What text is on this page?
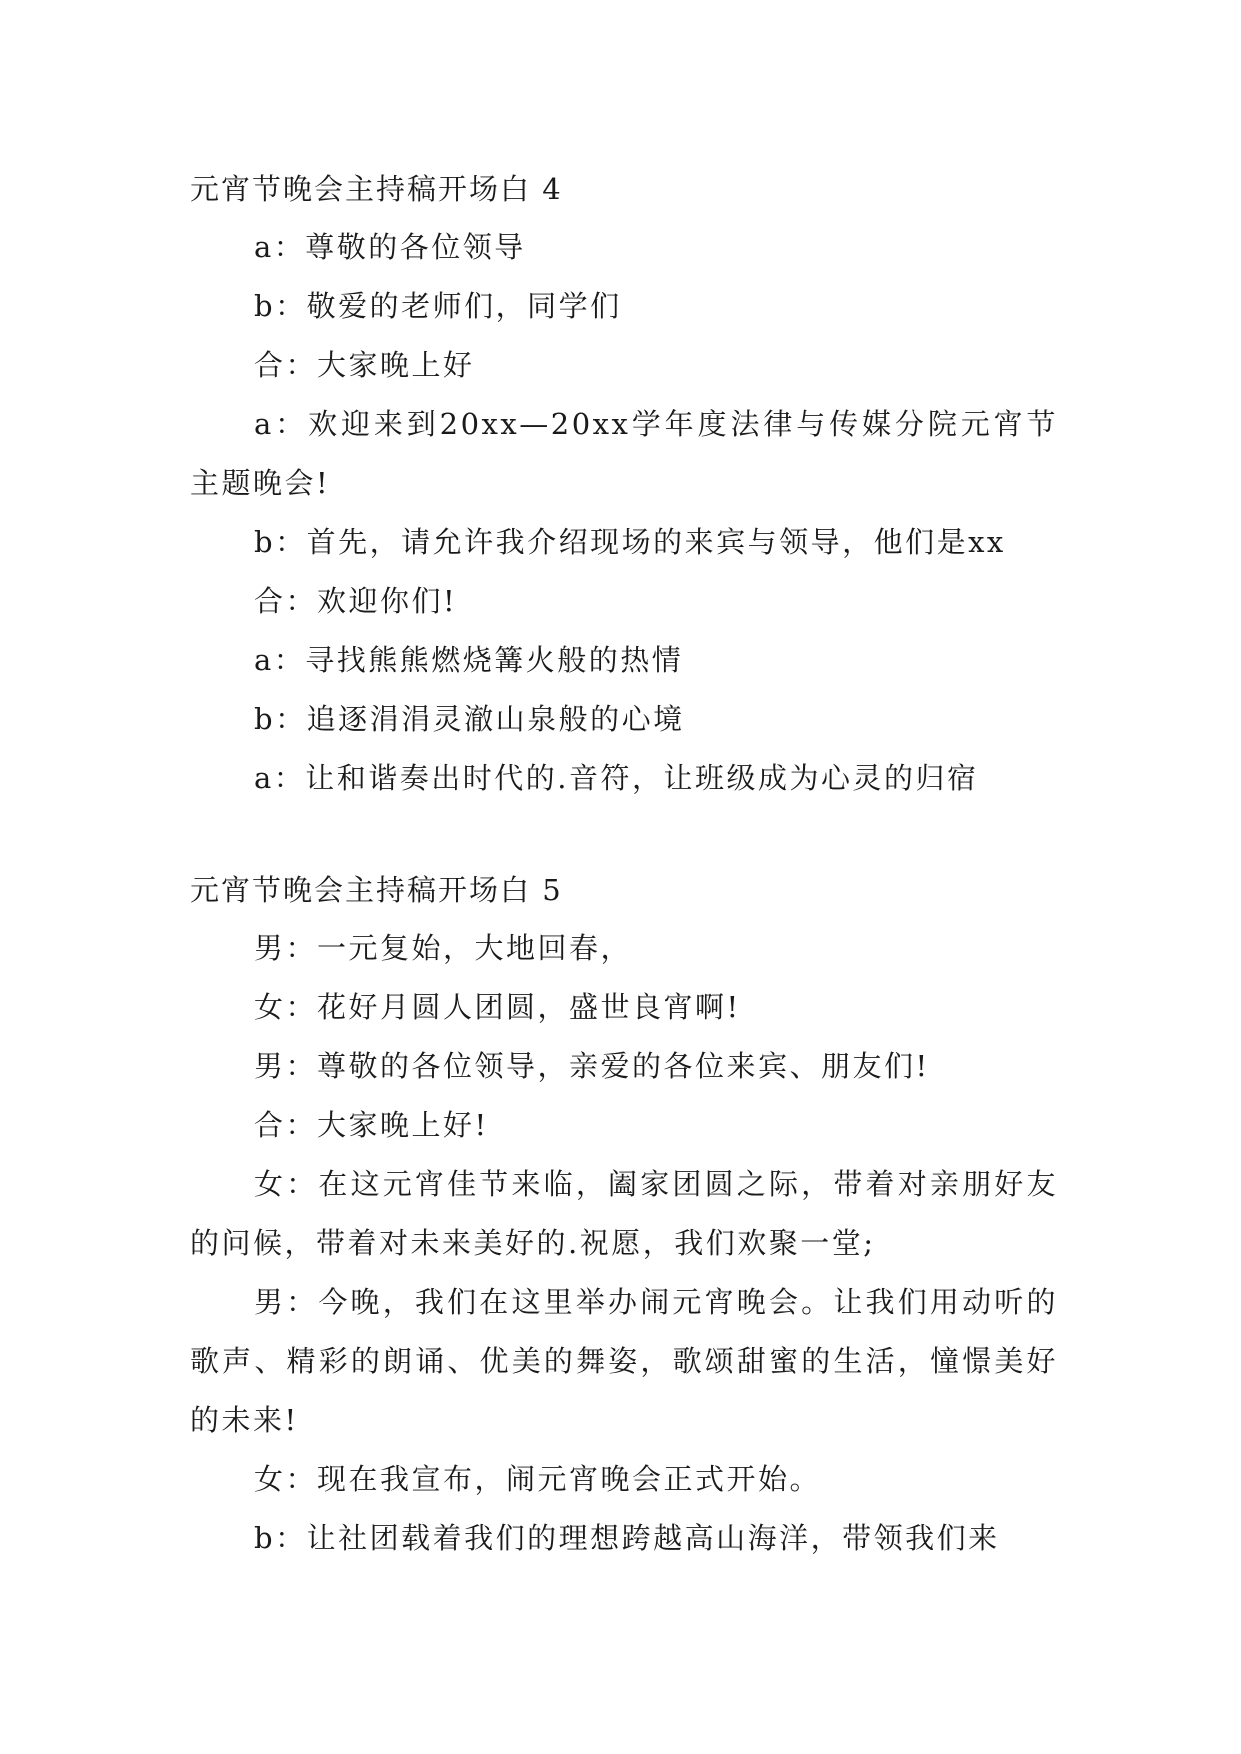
元宵节晚会主持稿开场白 4

a：尊敬的各位领导

b：敬爱的老师们，同学们

合：大家晚上好

a：欢迎来到20xx—20xx学年度法律与传媒分院元宵节主题晚会!

b：首先，请允许我介绍现场的来宾与领导，他们是xx

合：欢迎你们!

a：寻找熊熊燃烧篝火般的热情

b：追逐涓涓灵澈山泉般的心境

a：让和谐奏出时代的.音符，让班级成为心灵的归宿

元宵节晚会主持稿开场白 5

男：一元复始，大地回春，

女：花好月圆人团圆，盛世良宵啊!

男：尊敬的各位领导，亲爱的各位来宾、朋友们!

合：大家晚上好!

女：在这元宵佳节来临，阖家团圆之际，带着对亲朋好友的问候，带着对未来美好的.祝愿，我们欢聚一堂;

男：今晚，我们在这里举办闹元宵晚会。让我们用动听的歌声、精彩的朗诵、优美的舞姿，歌颂甜蜜的生活，憧憬美好的未来!

女：现在我宣布，闹元宵晚会正式开始。

b：让社团载着我们的理想跨越高山海洋，带领我们来
